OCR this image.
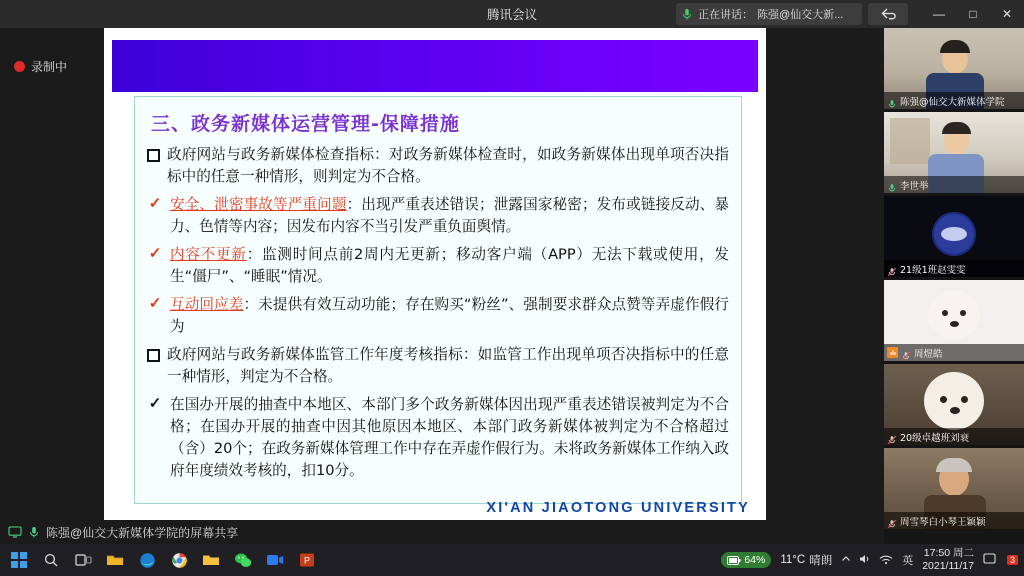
腾讯会议	正在讲话： 陈强@仙交大新...	—	□	✕
录制中
三、政务新媒体运营管理-保障措施
政府网站与政务新媒体检查指标：对政务新媒体检查时，如政务新媒体出现单项否决指标中的任意一种情形，则判定为不合格。
✓ 安全、泄密事故等严重问题：出现严重表述错误；泄露国家秘密；发布或链接反动、暴力、色情等内容；因发布内容不当引发严重负面舆情。
✓ 内容不更新：监测时间点前2周内无更新；移动客户端（APP）无法下载或使用，发生“僵尸”、“睡眠”情况。
✓ 互动回应差：未提供有效互动功能；存在购买“粉丝”、强制要求群众点赞等弄虚作假行为
政府网站与政务新媒体监管工作年度考核指标：如监管工作出现单项否决指标中的任意一种情形，判定为不合格。
✓ 在国办开展的抽查中本地区、本部门多个政务新媒体因出现严重表述错误被判定为不合格；在国办开展的抽查中因其他原因本地区、本部门政务新媒体被判定为不合格超过（含）20个；在政务新媒体管理工作中存在弄虚作假行为。未将政务新媒体工作纳入政府年度绩效考核的，扣10分。
XI'AN JIAOTONG UNIVERSITY
陈强@仙交大新媒体学院的屏幕共享
陈强@仙交大新媒体学院
李世举
21级1班赵雯雯
周煜皓
20级卓越班刘衰
周雪琴白小琴王颖颖
P	64% 11°C 晴朗	英
17:50 周二
2021/11/17	3
